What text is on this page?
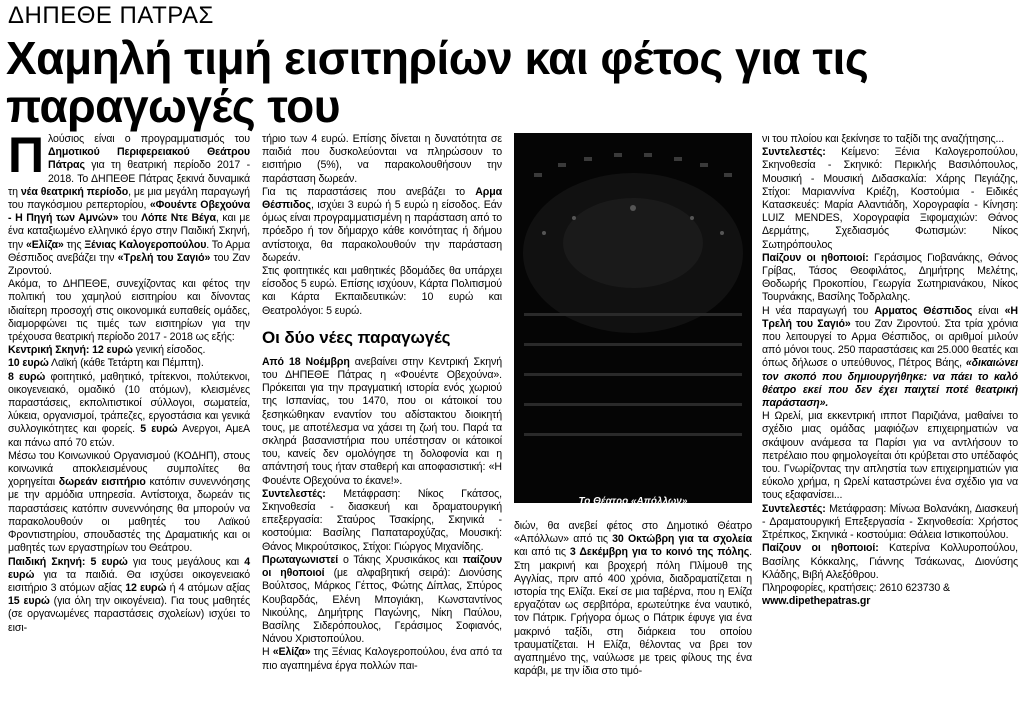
ΔΗΠΕΘΕ ΠΑΤΡΑΣ
Χαμηλή τιμή εισιτηρίων και φέτος για τις παραγωγές του

Πλούσιος είναι ο προγραμματισμός του Δημοτικού Περιφερειακού Θεάτρου Πάτρας για τη θεατρική περίοδο 2017 - 2018. Το ΔΗΠΕΘΕ Πάτρας ξεκινά δυναμικά τη νέα θεατρική περίοδο, με μια μεγάλη παραγωγή του παγκόσμιου ρεπερτορίου, «Φουέντε Οβεχούνα - Η Πηγή των Αμνών» του Λόπε Ντε Βέγα, και με ένα καταξιωμένο ελληνικό έργο στην Παιδική Σκηνή, την «Ελίζα» της Ξένιας Καλογεροπούλου. Το Αρμα Θέσπιδος ανεβάζει την «Τρελή του Σαγιό» του Ζαν Ζιροντού.

Ακόμα, το ΔΗΠΕΘΕ, συνεχίζοντας και φέτος την πολιτική του χαμηλού εισιτηρίου και δίνοντας ιδιαίτερη προσοχή στις οικονομικά ευπαθείς ομάδες, διαμορφώνει τις τιμές των εισιτηρίων για την τρέχουσα θεατρική περίοδο 2017 - 2018 ως εξής:

Κεντρική Σκηνή: 12 ευρώ γενική είσοδος.

10 ευρώ Λαϊκή (κάθε Τετάρτη και Πέμπτη).

8 ευρώ φοιτητικό, μαθητικό, τρίτεκνοι, πολύτεκνοι, οικογενειακό, ομαδικό (10 ατόμων), κλεισμένες παραστάσεις, εκπολιτιστικοί σύλλογοι, σωματεία, λύκεια, οργανισμοί, τράπεζες, εργοστάσια και γενικά συλλογικότητες και φορείς. 5 ευρώ Ανεργοι, ΑμεΑ και πάνω από 70 ετών.

Μέσω του Κοινωνικού Οργανισμού (ΚΟΔΗΠ), στους κοινωνικά αποκλεισμένους συμπολίτες θα χορηγείται δωρεάν εισιτήριο κατόπιν συνεννόησης με την αρμόδια υπηρεσία. Αντίστοιχα, δωρεάν τις παραστάσεις κατόπιν συνεννόησης θα μπορούν να παρακολουθούν οι μαθητές του Λαϊκού Φροντιστηρίου, σπουδαστές της Δραματικής και οι μαθητές των εργαστηρίων του Θεάτρου.

Παιδική Σκηνή: 5 ευρώ για τους μεγάλους και 4 ευρώ για τα παιδιά. Θα ισχύσει οικογενειακό εισιτήριο 3 ατόμων αξίας 12 ευρώ ή 4 ατόμων αξίας 15 ευρώ (για όλη την οικογένεια). Για τους μαθητές (σε οργανωμένες παραστάσεις σχολείων) ισχύει το εισι-

τήριο των 4 ευρώ. Επίσης δίνεται η δυνατότητα σε παιδιά που δυσκολεύονται να πληρώσουν το εισιτήριο (5%), να παρακολουθήσουν την παράσταση δωρεάν.

Για τις παραστάσεις που ανεβάζει το Αρμα Θέσπιδος, ισχύει 3 ευρώ ή 5 ευρώ η είσοδος. Εάν όμως είναι προγραμματισμένη η παράσταση από το πρόεδρο ή τον δήμαρχο κάθε κοινότητας ή δήμου αντίστοιχα, θα παρακολουθούν την παράσταση δωρεάν.

Στις φοιτητικές και μαθητικές βδομάδες θα υπάρχει είσοδος 5 ευρώ. Επίσης ισχύουν, Κάρτα Πολιτισμού και Κάρτα Εκπαιδευτικών: 10 ευρώ και Θεατρολόγοι: 5 ευρώ.

Οι δύο νέες παραγωγές

Από 18 Νοέμβρη ανεβαίνει στην Κεντρική Σκηνή του ΔΗΠΕΘΕ Πάτρας η «Φουέντε Οβεχούνα». Πρόκειται για την πραγματική ιστορία ενός χωριού της Ισπανίας, του 1470, που οι κάτοικοί του ξεσηκώθηκαν εναντίον του αδίστακτου διοικητή τους, με αποτέλεσμα να χάσει τη ζωή του. Παρά τα σκληρά βασανιστήρια που υπέστησαν οι κάτοικοί του, κανείς δεν ομολόγησε τη δολοφονία και η απάντησή τους ήταν σταθερή και αποφασιστική: «Η Φουέντε Οβεχούνα το έκανε!».

Συντελεστές: Μετάφραση: Νίκος Γκάτσος, Σκηνοθεσία - διασκευή και δραματουργική επεξεργασία: Σταύρος Τσακίρης, Σκηνικά - κοστούμια: Βασίλης Παπαταροχύζας, Μουσική: Θάνος Μικρούτσικος, Στίχοι: Γιώργος Μιχανίδης.

Πρωταγωνιστεί ο Τάκης Χρυσικάκος και παίζουν οι ηθοποιοί (με αλφαβητική σειρά): Διονύσης Βούλτσος, Μάρκος Γέττος, Φώτης Δίπλας, Σπύρος Κουβαρδάς, Ελένη Μπογιάκη, Κωνσταντίνος Νικούλης, Δημήτρης Παγώνης, Νίκη Παύλου, Βασίλης Σιδερόπουλος, Γεράσιμος Σοφιανός, Νάνου Χριστοπούλου.

Η «Ελίζα» της Ξένιας Καλογεροπούλου, ένα από τα πιο αγαπημένα έργα πολλών παι-

Το Θέατρο «Απόλλων»

διών, θα ανεβεί φέτος στο Δημοτικό Θέατρο «Απόλλων» από τις 30 Οκτώβρη για τα σχολεία και από τις 3 Δεκέμβρη για το κοινό της πόλης. Στη μακρινή και βροχερή πόλη Πλίμουθ της Αγγλίας, πριν από 400 χρόνια, διαδραματίζεται η ιστορία της Ελίζα. Εκεί σε μια ταβέρνα, που η Ελίζα εργαζόταν ως σερβιτόρα, ερωτεύτηκε ένα ναυτικό, τον Πάτρικ. Γρήγορα όμως ο Πάτρικ έφυγε για ένα μακρινό ταξίδι, στη διάρκεια του οποίου τραυματίζεται. Η Ελίζα, θέλοντας να βρει τον αγαπημένο της, ναύλωσε με τρεις φίλους της ένα καράβι, με την ίδια στο τιμό-

νι του πλοίου και ξεκίνησε το ταξίδι της αναζήτησης...

Συντελεστές: Κείμενο: Ξένια Καλογεροπούλου, Σκηνοθεσία - Σκηνικό: Περικλής Βασιλόπουλος, Μουσική - Μουσική Διδασκαλία: Χάρης Πεγιάζης, Στίχοι: Μαριαννίνα Κριέζη, Κοστούμια - Ειδικές Κατασκευές: Μαρία Αλαντιάδη, Χορογραφία - Κίνηση: LUIZ MENDES, Χορογραφία Ξιφομαχιών: Θάνος Δερμάτης, Σχεδιασμός Φωτισμών: Νίκος Σωτηρόπουλος

Παίζουν οι ηθοποιοί: Γεράσιμος Γιοβανάκης, Θάνος Γρίβας, Τάσος Θεοφιλάτος, Δημήτρης Μελέτης, Θοδωρής Προκοπίου, Γεωργία Σωτηριανάκου, Νίκος Τουρνάκης, Βασίλης Τοδρλαλης.

Η νέα παραγωγή του Αρματος Θέσπιδος είναι «Η Τρελή του Σαγιό» του Ζαν Ζιροντού. Στα τρία χρόνια που λειτουργεί το Αρμα Θέσπιδος, οι αριθμοί μιλούν από μόνοι τους. 250 παραστάσεις και 25.000 θεατές και όπως δήλωσε ο υπεύθυνος, Πέτρος Βάης, «δικαιώνει τον σκοπό που δημιουργήθηκε: να πάει το καλό θέατρο εκεί που δεν έχει παιχτεί ποτέ θεατρική παράσταση».

Η Ωρελί, μια εκκεντρική ιπποτ Παριζιάνα, μαθαίνει το σχέδιο μιας ομάδας μαφιόζων επιχειρηματιών να σκάψουν ανάμεσα τα Παρίσι για να αντλήσουν το πετρέλαιο που φημολογείται ότι κρύβεται στο υπέδαφός του. Γνωρίζοντας την απληστία των επιχειρηματιών για εύκολο χρήμα, η Ωρελί καταστρώνει ένα σχέδιο για να τους εξαφανίσει...

Συντελεστές: Μετάφραση: Μίνωα Βολανάκη, Διασκευή - Δραματουργική Επεξεργασία - Σκηνοθεσία: Χρήστος Στρέπκος, Σκηνικά - κοστούμια: Θάλεια Ιστικοπούλου.

Παίζουν οι ηθοποιοί: Κατερίνα Κολλυροπούλου, Βασίλης Κόκκαλης, Γιάννης Τσάκωνας, Διονύσης Κλάδης, Βιβή Αλεξόθρου.

Πληροφορίες, κρατήσεις: 2610 623730 &

www.dipethepatras.gr
